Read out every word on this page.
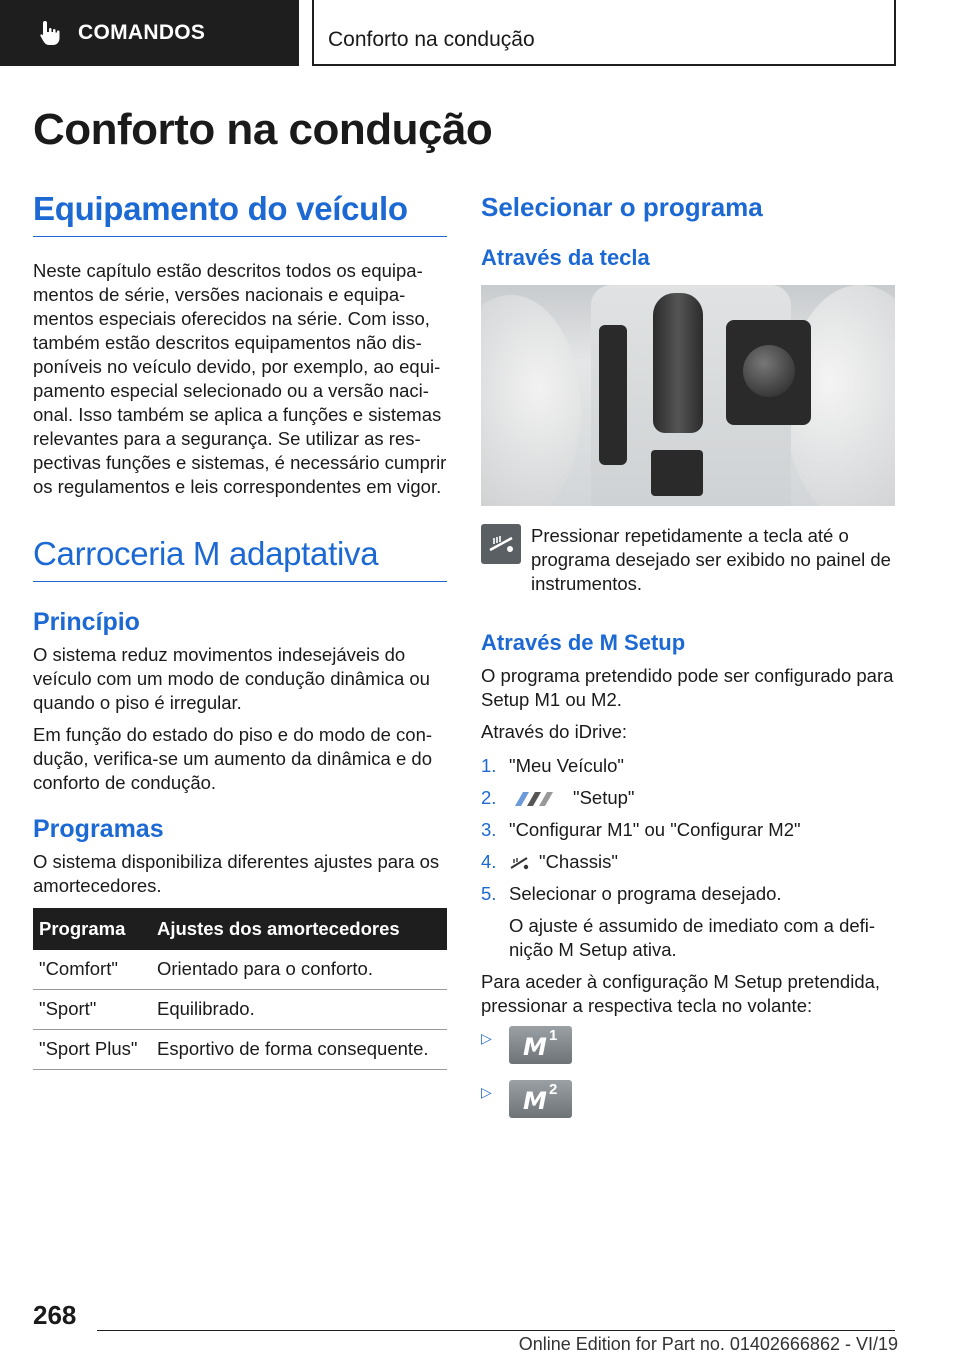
COMANDOS	Conforto na condução
Conforto na condução
Equipamento do veículo

Neste capítulo estão descritos todos os equipamentos de série, versões nacionais e equipamentos especiais oferecidos na série. Com isso, também estão descritos equipamentos não disponíveis no veículo devido, por exemplo, ao equipamento especial selecionado ou a versão nacional. Isso também se aplica a funções e sistemas relevantes para a segurança. Se utilizar as respectivas funções e sistemas, é necessário cumprir os regulamentos e leis correspondentes em vigor.

Carroceria M adaptativa
Princípio

O sistema reduz movimentos indesejáveis do veículo com um modo de condução dinâmica ou quando o piso é irregular.

Em função do estado do piso e do modo de condução, verifica-se um aumento da dinâmica e do conforto de condução.

Programas

O sistema disponibiliza diferentes ajustes para os amortecedores.

Programa	Ajustes dos amortecedores
"Comfort"	Orientado para o conforto.
"Sport"	Equilibrado.
"Sport Plus"	Esportivo de forma consequente.
Selecionar o programa
Através da tecla
Pressionar repetidamente a tecla até o programa desejado ser exibido no painel de instrumentos.
Através de M Setup

O programa pretendido pode ser configurado para Setup M1 ou M2.

Através do iDrive:

1. "Meu Veículo"
2.	"Setup"
3. "Configurar M1" ou "Configurar M2"
4.	"Chassis"
5. Selecionar o programa desejado.
O ajuste é assumido de imediato com a definição M Setup ativa.

Para aceder à configuração M Setup pretendida, pressionar a respectiva tecla no volante:

▷	M 1
▷	M 2
268
Online Edition for Part no. 01402666862 - VI/19
